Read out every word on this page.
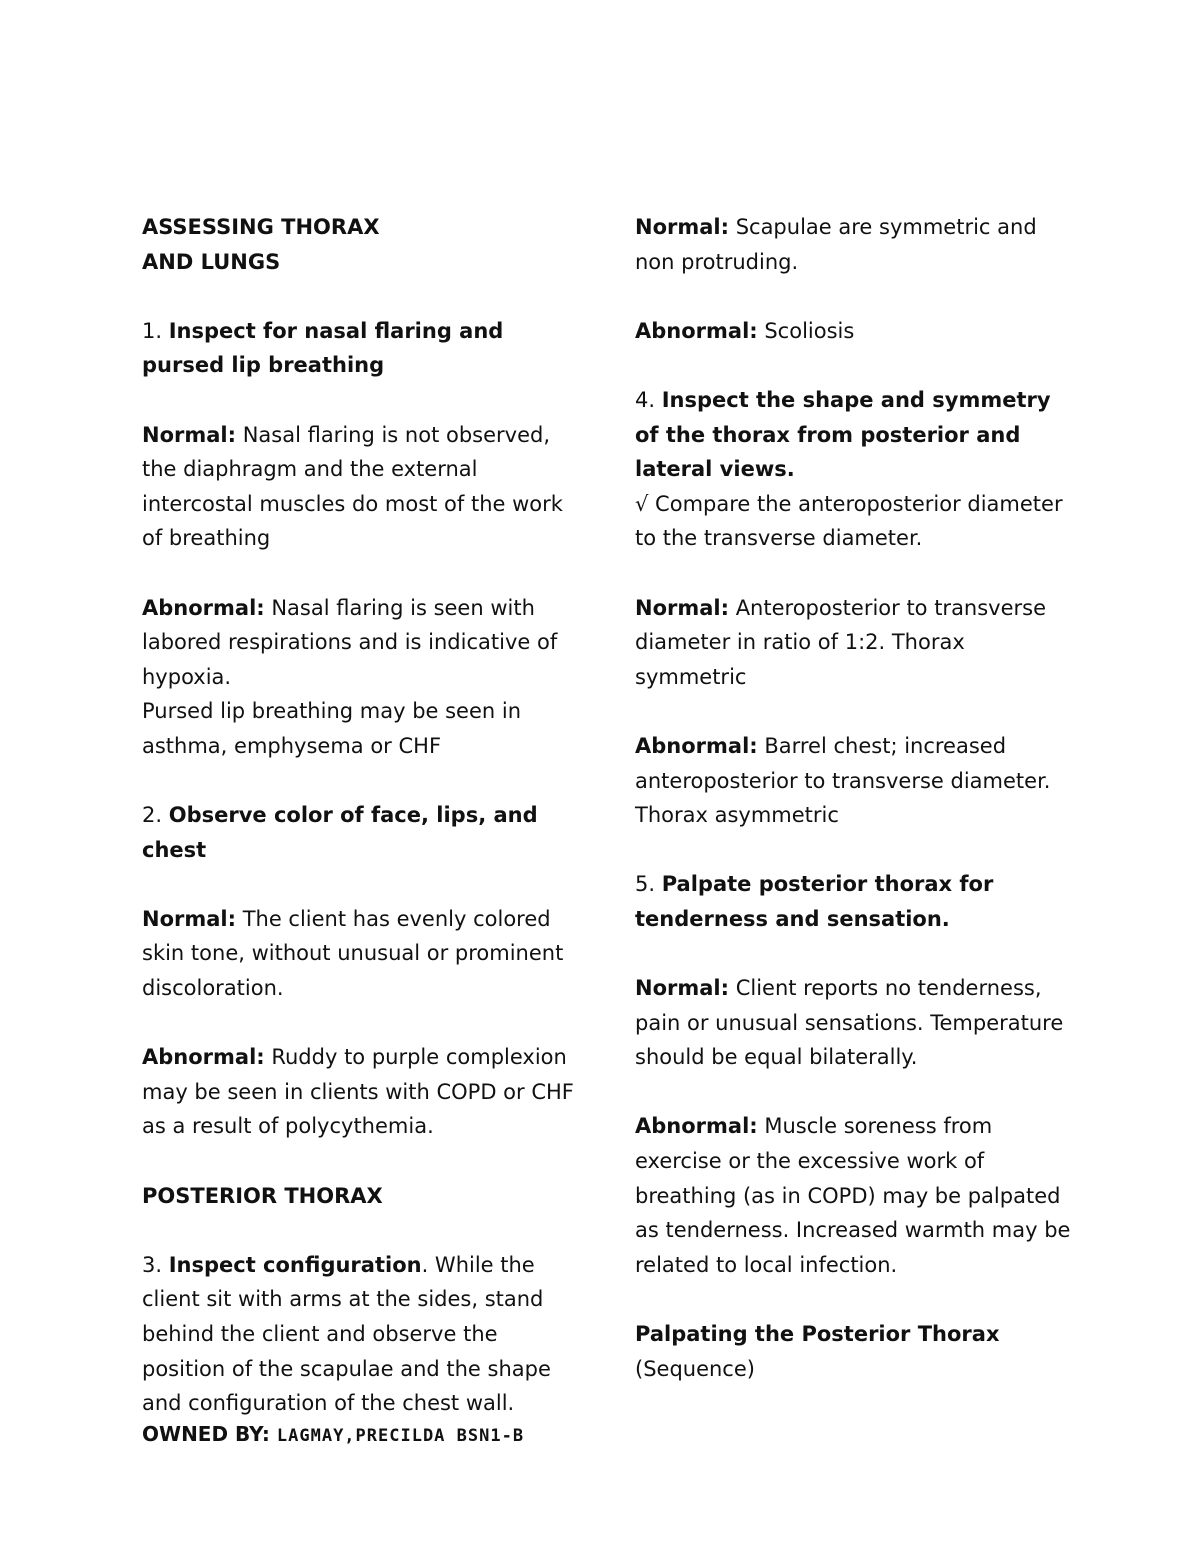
ASSESSING THORAX
AND LUNGS

1. Inspect for nasal flaring and pursed lip breathing

Normal: Nasal flaring is not observed, the diaphragm and the external intercostal muscles do most of the work of breathing

Abnormal: Nasal flaring is seen with labored respirations and is indicative of hypoxia.

Pursed lip breathing may be seen in asthma, emphysema or CHF

2. Observe color of face, lips, and chest

Normal: The client has evenly colored skin tone, without unusual or prominent discoloration.

Abnormal: Ruddy to purple complexion may be seen in clients with COPD or CHF as a result of polycythemia.

POSTERIOR THORAX

3. Inspect configuration. While the client sit with arms at the sides, stand behind the client and observe the position of the scapulae and the shape and configuration of the chest wall.

Normal: Scapulae are symmetric and non protruding.

Abnormal: Scoliosis

4. Inspect the shape and symmetry of the thorax from posterior and lateral views.

√ Compare the anteroposterior diameter to the transverse diameter.

Normal: Anteroposterior to transverse diameter in ratio of 1:2. Thorax symmetric

Abnormal: Barrel chest; increased anteroposterior to transverse diameter. Thorax asymmetric

5. Palpate posterior thorax for tenderness and sensation.

Normal: Client reports no tenderness, pain or unusual sensations. Temperature should be equal bilaterally.

Abnormal: Muscle soreness from exercise or the excessive work of breathing (as in COPD) may be palpated as tenderness. Increased warmth may be related to local infection.

Palpating the Posterior Thorax

(Sequence)

OWNED BY: LAGMAY,PRECILDA BSN1-B
